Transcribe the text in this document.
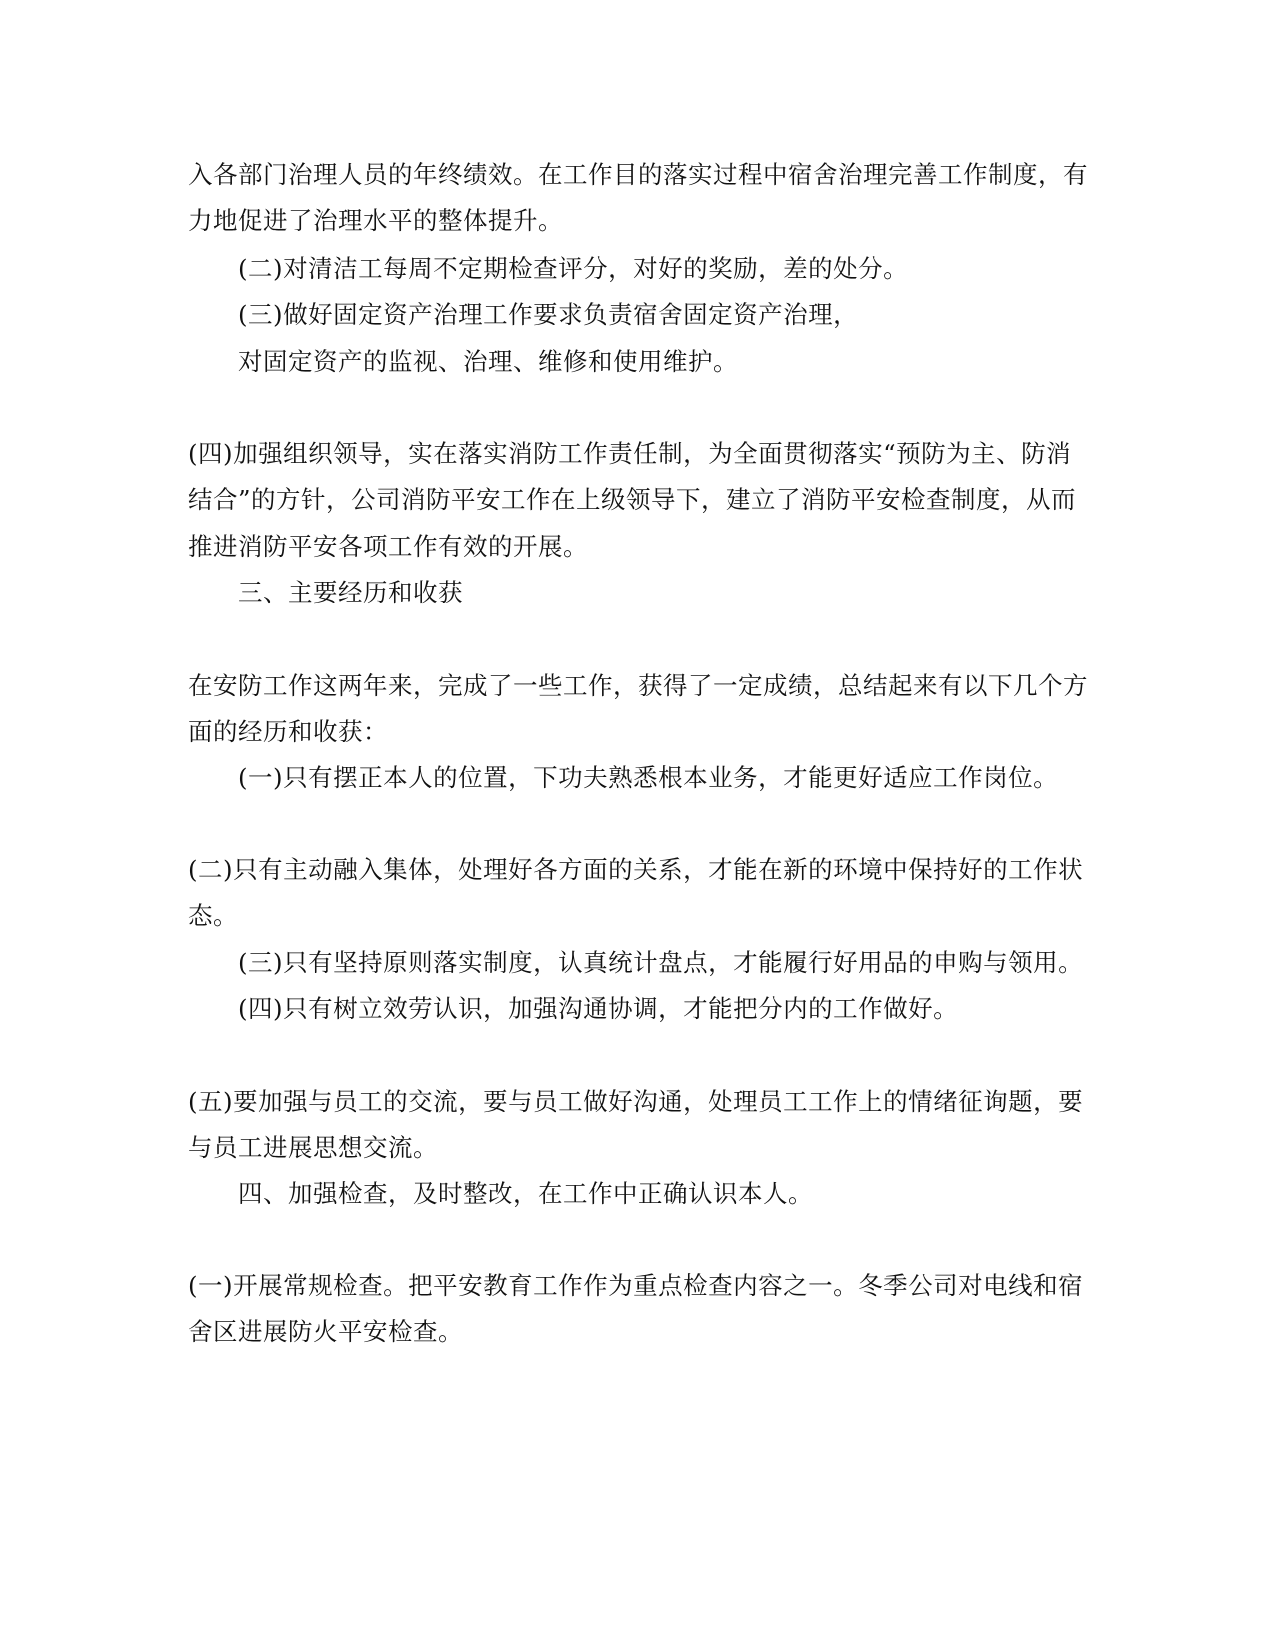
入各部门治理人员的年终绩效。在工作目的落实过程中宿舍治理完善工作制度，有
力地促进了治理水平的整体提升。
(二)对清洁工每周不定期检查评分，对好的奖励，差的处分。
(三)做好固定资产治理工作要求负责宿舍固定资产治理，
对固定资产的监视、治理、维修和使用维护。
(四)加强组织领导，实在落实消防工作责任制，为全面贯彻落实“预防为主、防消
结合”的方针，公司消防平安工作在上级领导下，建立了消防平安检查制度，从而
推进消防平安各项工作有效的开展。
三、主要经历和收获
在安防工作这两年来，完成了一些工作，获得了一定成绩，总结起来有以下几个方
面的经历和收获：
(一)只有摆正本人的位置，下功夫熟悉根本业务，才能更好适应工作岗位。
(二)只有主动融入集体，处理好各方面的关系，才能在新的环境中保持好的工作状
态。
(三)只有坚持原则落实制度，认真统计盘点，才能履行好用品的申购与领用。
(四)只有树立效劳认识，加强沟通协调，才能把分内的工作做好。
(五)要加强与员工的交流，要与员工做好沟通，处理员工工作上的情绪征询题，要
与员工进展思想交流。
四、加强检查，及时整改，在工作中正确认识本人。
(一)开展常规检查。把平安教育工作作为重点检查内容之一。冬季公司对电线和宿
舍区进展防火平安检查。
